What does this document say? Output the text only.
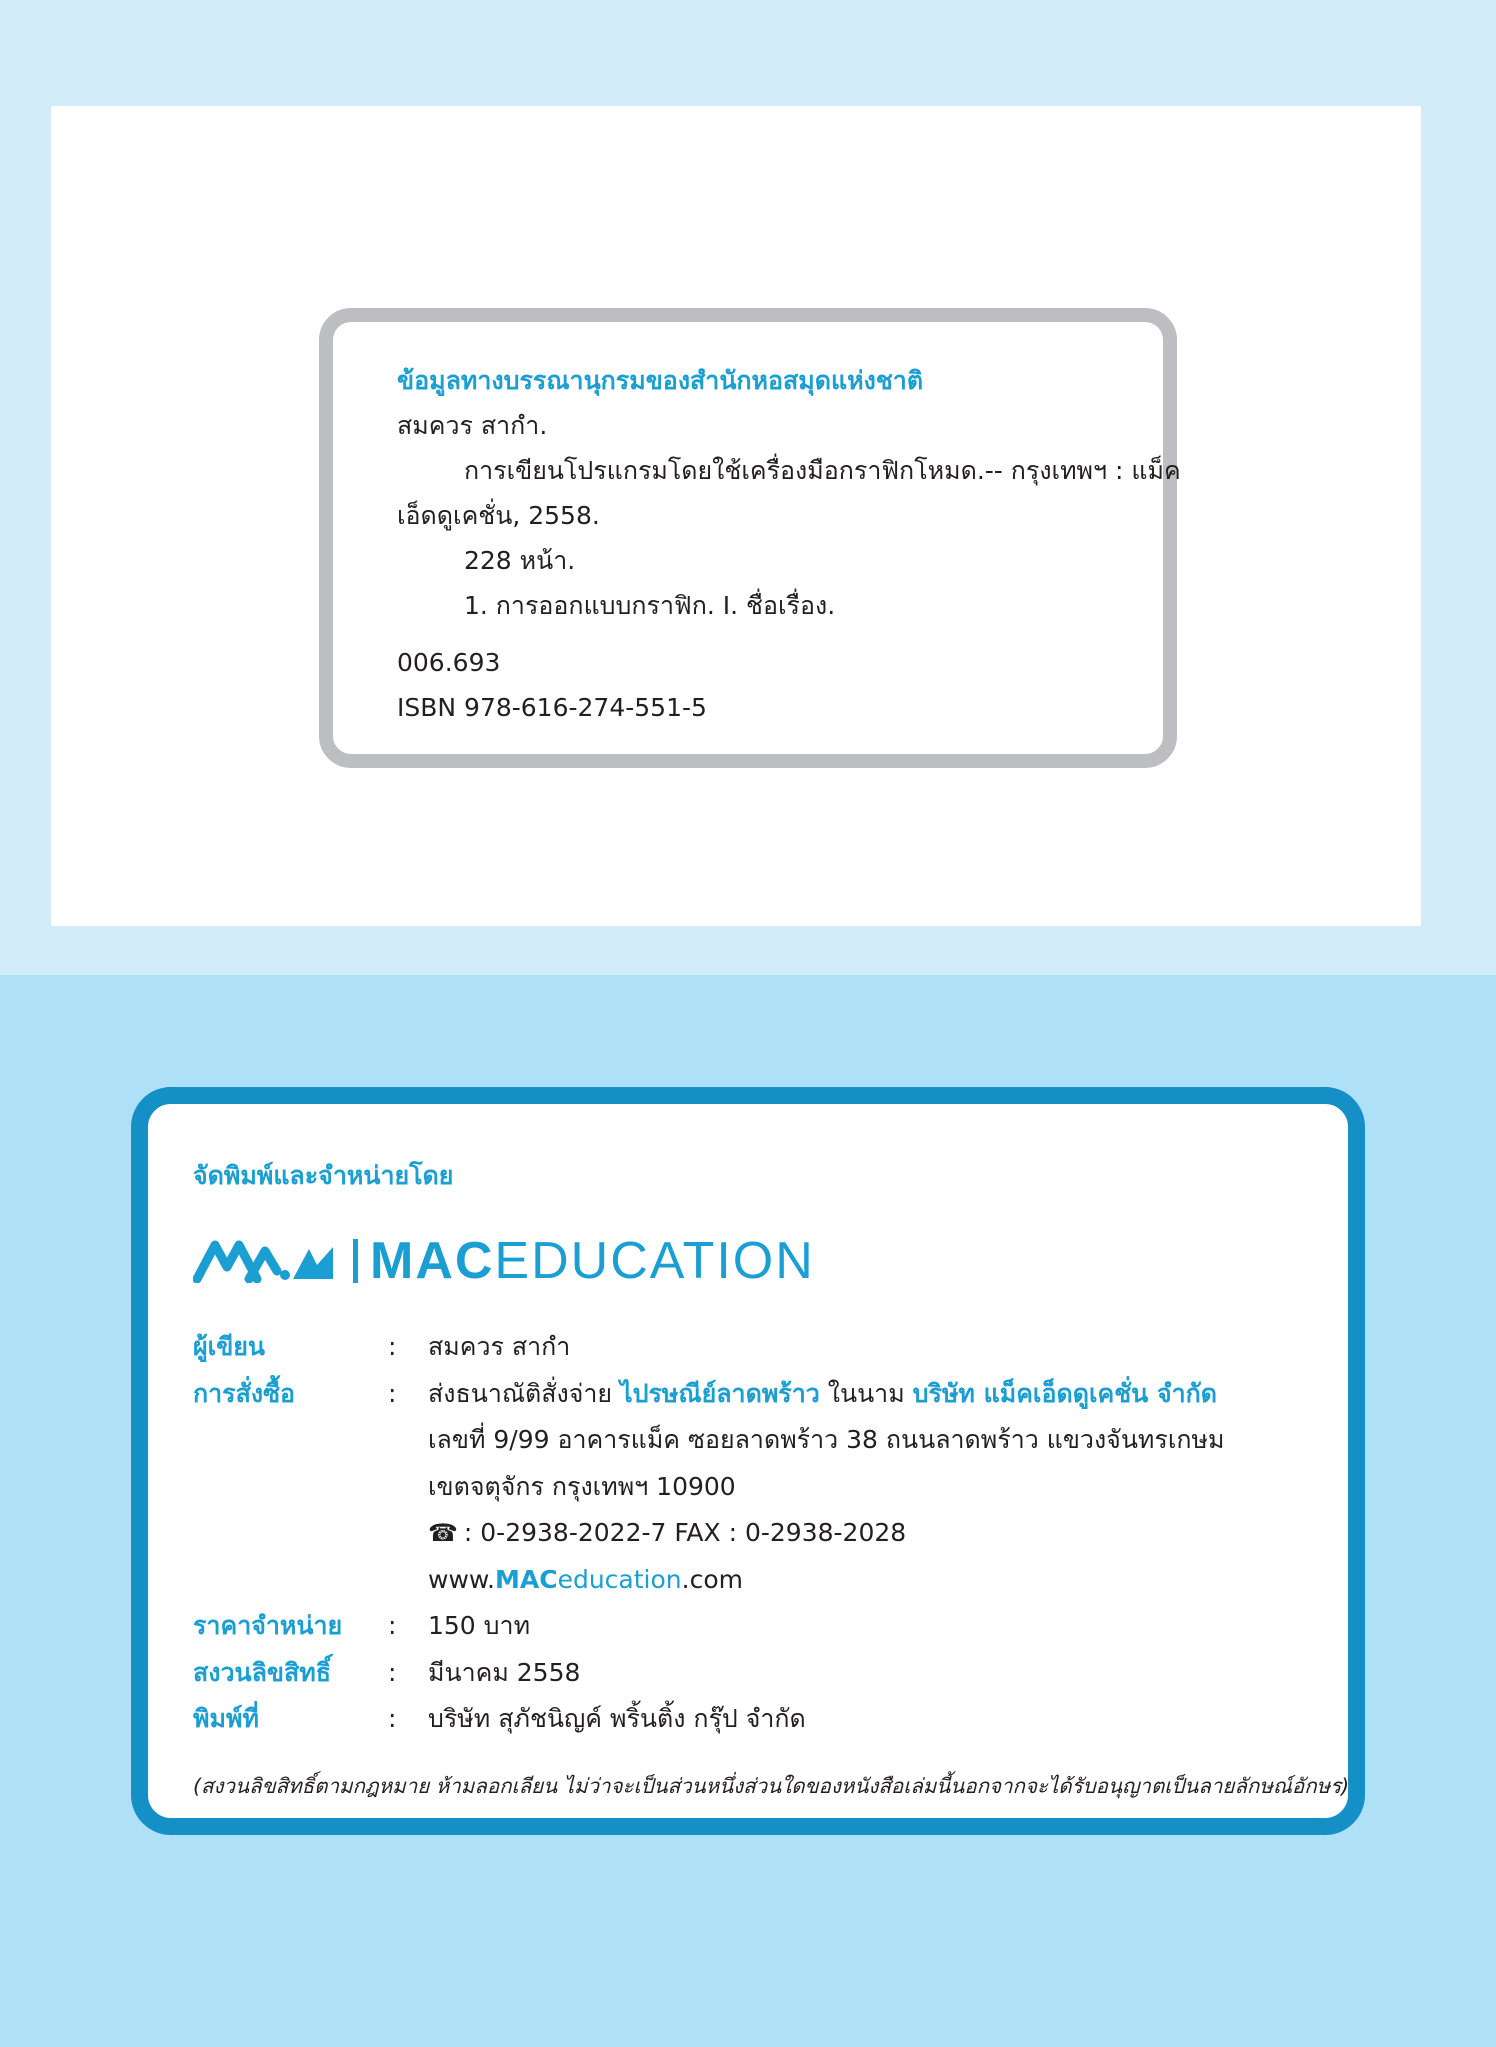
ข้อมูลทางบรรณานุกรมของสำนักหอสมุดแห่งชาติ

สมควร สากำ.

การเขียนโปรแกรมโดยใช้เครื่องมือกราฟิกโหมด.-- กรุงเทพฯ : แม็ค

เอ็ดดูเคชั่น, 2558.

228 หน้า.

1. การออกแบบกราฟิก. I. ชื่อเรื่อง.

006.693

ISBN 978-616-274-551-5

จัดพิมพ์และจำหน่ายโดย

MACEDUCATION
ผู้เขียน	:	สมควร สากำ
การสั่งซื้อ	:	ส่งธนาณัติสั่งจ่าย ไปรษณีย์ลาดพร้าว ในนาม บริษัท แม็คเอ็ดดูเคชั่น จำกัด
เลขที่ 9/99 อาคารแม็ค ซอยลาดพร้าว 38 ถนนลาดพร้าว แขวงจันทรเกษม
เขตจตุจักร กรุงเทพฯ 10900
☎ : 0-2938-2022-7 FAX : 0-2938-2028
www.MACeducation.com
ราคาจำหน่าย	:	150 บาท
สงวนลิขสิทธิ์	:	มีนาคม 2558
พิมพ์ที่	:	บริษัท สุภัชนิญค์ พริ้นติ้ง กรุ๊ป จำกัด
(สงวนลิขสิทธิ์ตามกฎหมาย ห้ามลอกเลียน ไม่ว่าจะเป็นส่วนหนึ่งส่วนใดของหนังสือเล่มนี้นอกจากจะได้รับอนุญาตเป็นลายลักษณ์อักษร)
